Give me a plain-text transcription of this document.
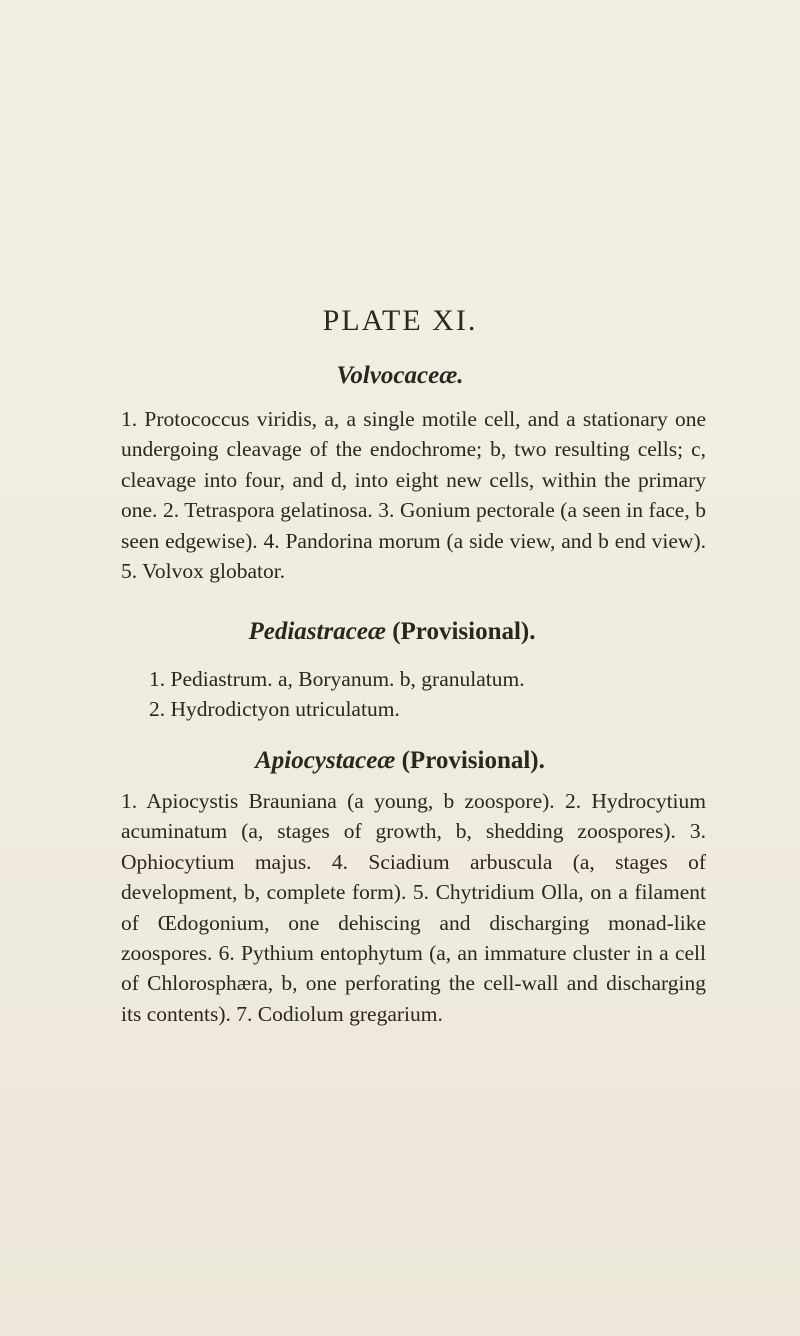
PLATE XI.
Volvocaceæ.

1. Protococcus viridis, a, a single motile cell, and a stationary one undergoing cleavage of the endochrome; b, two resulting cells; c, cleavage into four, and d, into eight new cells, within the primary one. 2. Tetraspora gelatinosa. 3. Gonium pectorale (a seen in face, b seen edgewise). 4. Pandorina morum (a side view, and b end view). 5. Volvox globator.

Pediastraceæ (Provisional).

1. Pediastrum. a, Boryanum. b, granulatum.

2. Hydrodictyon utriculatum.

Apiocystaceæ (Provisional).

1. Apiocystis Brauniana (a young, b zoospore). 2. Hydrocytium acuminatum (a, stages of growth, b, shedding zoospores). 3. Ophiocytium majus. 4. Sciadium arbuscula (a, stages of development, b, complete form). 5. Chytridium Olla, on a filament of Œdogonium, one dehiscing and discharging monad-like zoospores. 6. Pythium entophytum (a, an immature cluster in a cell of Chlorosphæra, b, one perforating the cell-wall and discharging its contents). 7. Codiolum gregarium.
